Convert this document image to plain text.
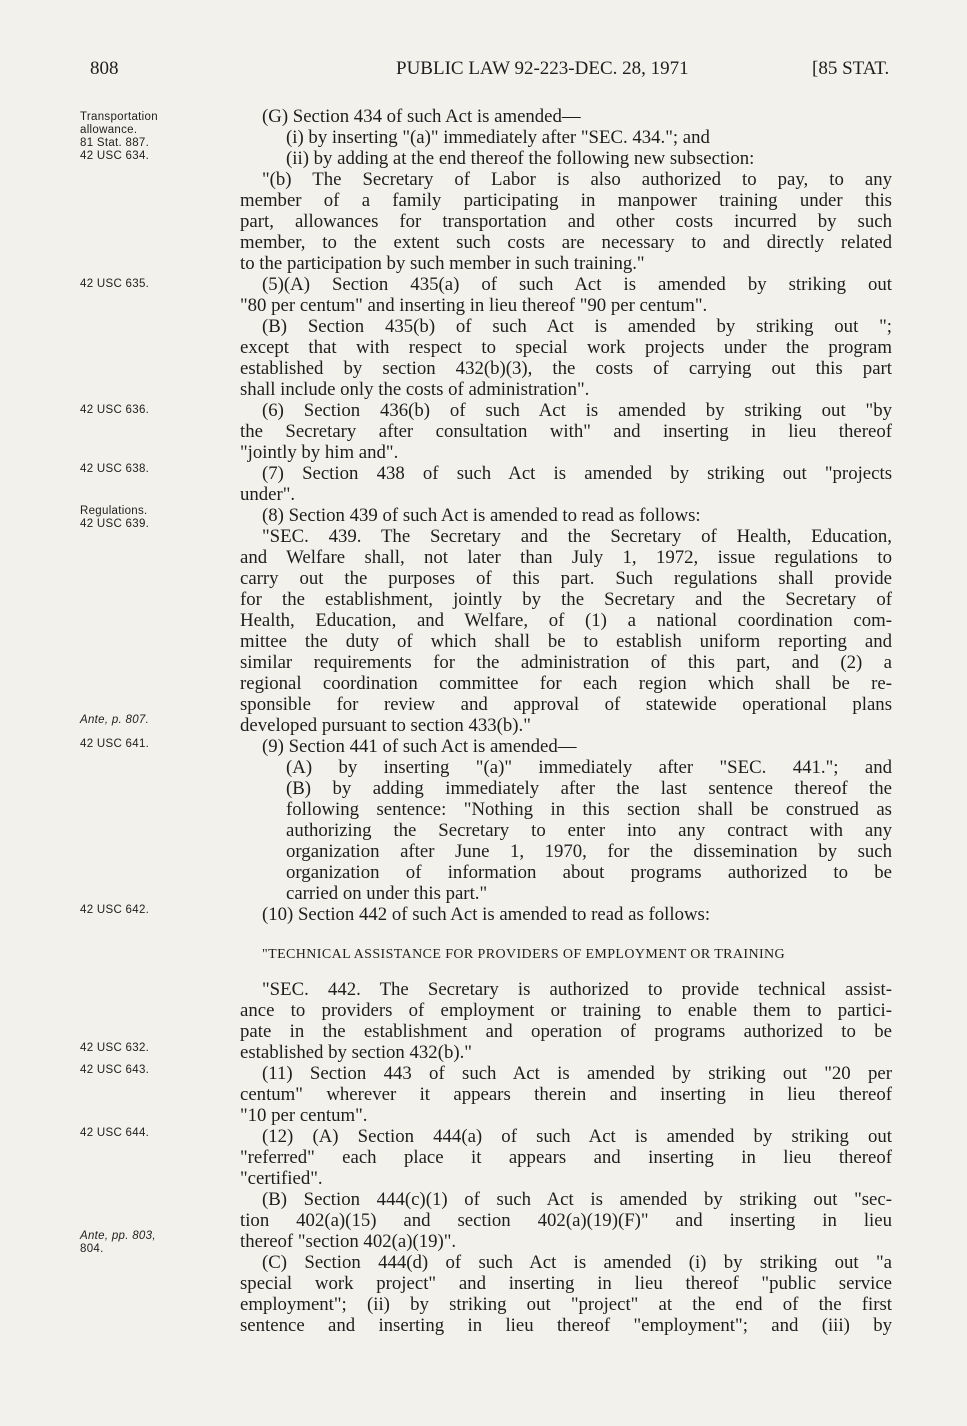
808	PUBLIC LAW 92-223-DEC. 28, 1971	[85 STAT.
Transportation
allowance.
81 Stat. 887.
42 USC 634.
42 USC 635.
42 USC 636.
42 USC 638.
Regulations.
42 USC 639.
Ante, p. 807.
42 USC 641.
42 USC 642.
42 USC 632.
42 USC 643.
42 USC 644.
Ante, pp. 803,
804.
(G) Section 434 of such Act is amended—
(i) by inserting "(a)" immediately after "SEC. 434."; and
(ii) by adding at the end thereof the following new subsection:
"(b) The Secretary of Labor is also authorized to pay, to any
member of a family participating in manpower training under this
part, allowances for transportation and other costs incurred by such
member, to the extent such costs are necessary to and directly related
to the participation by such member in such training."
(5)(A) Section 435(a) of such Act is amended by striking out
"80 per centum" and inserting in lieu thereof "90 per centum".
(B) Section 435(b) of such Act is amended by striking out ";
except that with respect to special work projects under the program
established by section 432(b)(3), the costs of carrying out this part
shall include only the costs of administration".
(6) Section 436(b) of such Act is amended by striking out "by
the Secretary after consultation with" and inserting in lieu thereof
"jointly by him and".
(7) Section 438 of such Act is amended by striking out "projects
under".
(8) Section 439 of such Act is amended to read as follows:
"SEC. 439. The Secretary and the Secretary of Health, Education,
and Welfare shall, not later than July 1, 1972, issue regulations to
carry out the purposes of this part. Such regulations shall provide
for the establishment, jointly by the Secretary and the Secretary of
Health, Education, and Welfare, of (1) a national coordination com-
mittee the duty of which shall be to establish uniform reporting and
similar requirements for the administration of this part, and (2) a
regional coordination committee for each region which shall be re-
sponsible for review and approval of statewide operational plans
developed pursuant to section 433(b)."
(9) Section 441 of such Act is amended—
(A) by inserting "(a)" immediately after "SEC. 441."; and
(B) by adding immediately after the last sentence thereof the
following sentence: "Nothing in this section shall be construed as
authorizing the Secretary to enter into any contract with any
organization after June 1, 1970, for the dissemination by such
organization of information about programs authorized to be
carried on under this part."
(10) Section 442 of such Act is amended to read as follows:
"TECHNICAL ASSISTANCE FOR PROVIDERS OF EMPLOYMENT OR TRAINING
"SEC. 442. The Secretary is authorized to provide technical assist-
ance to providers of employment or training to enable them to partici-
pate in the establishment and operation of programs authorized to be
established by section 432(b)."
(11) Section 443 of such Act is amended by striking out "20 per
centum" wherever it appears therein and inserting in lieu thereof
"10 per centum".
(12) (A) Section 444(a) of such Act is amended by striking out
"referred" each place it appears and inserting in lieu thereof
"certified".
(B) Section 444(c)(1) of such Act is amended by striking out "sec-
tion 402(a)(15) and section 402(a)(19)(F)" and inserting in lieu
thereof "section 402(a)(19)".
(C) Section 444(d) of such Act is amended (i) by striking out "a
special work project" and inserting in lieu thereof "public service
employment"; (ii) by striking out "project" at the end of the first
sentence and inserting in lieu thereof "employment"; and (iii) by
